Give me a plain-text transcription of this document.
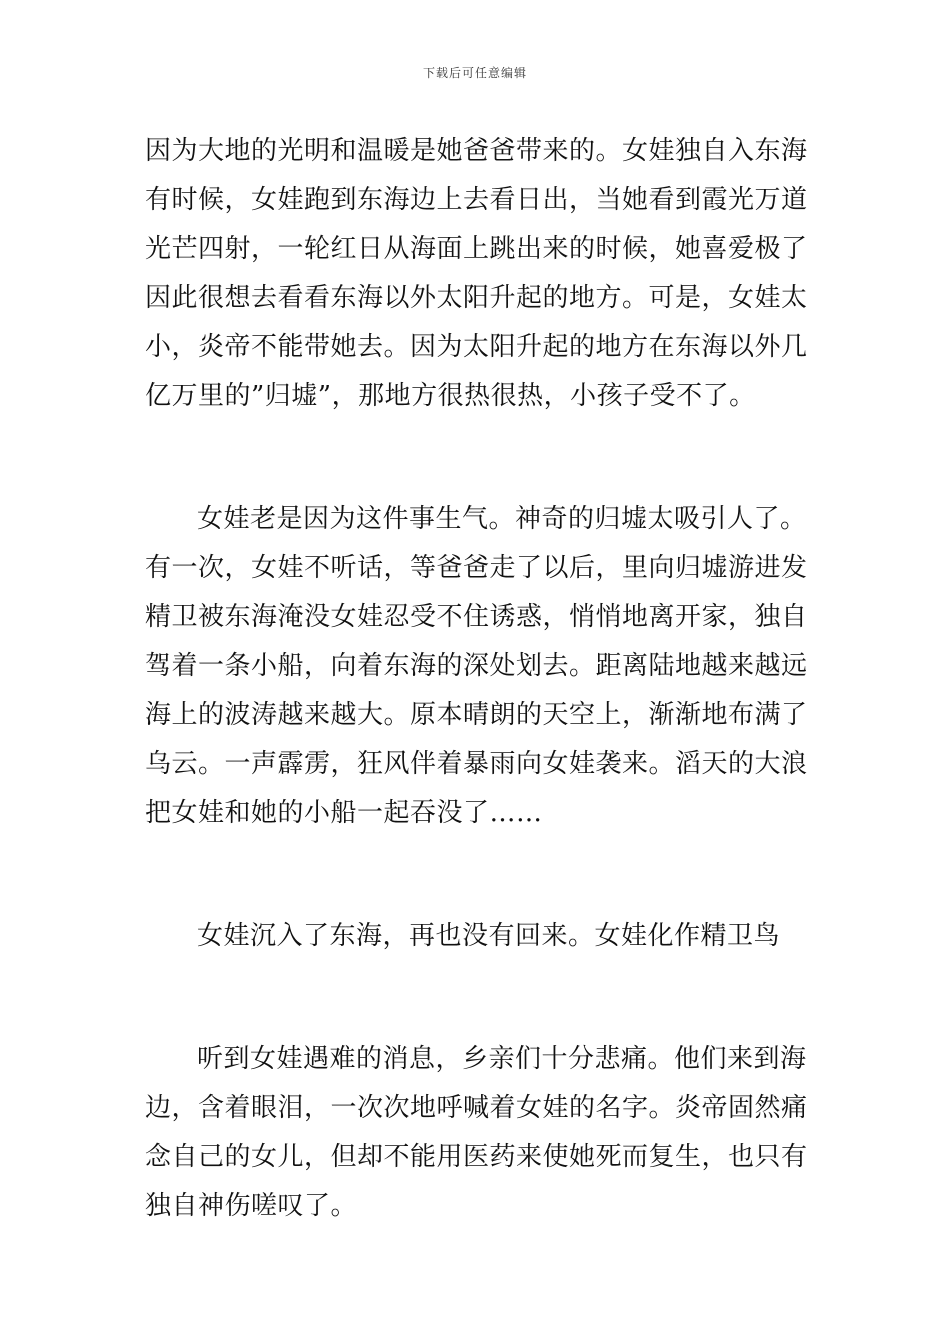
下载后可任意编辑
因为大地的光明和温暖是她爸爸带来的。女娃独自入东海
有时候，女娃跑到东海边上去看日出，当她看到霞光万道
光芒四射，一轮红日从海面上跳出来的时候，她喜爱极了
因此很想去看看东海以外太阳升起的地方。可是，女娃太
小，炎帝不能带她去。因为太阳升起的地方在东海以外几
亿万里的”归墟”，那地方很热很热，小孩子受不了。
女娃老是因为这件事生气。神奇的归墟太吸引人了。
有一次，女娃不听话，等爸爸走了以后，里向归墟游进发
精卫被东海淹没女娃忍受不住诱惑，悄悄地离开家，独自
驾着一条小船，向着东海的深处划去。距离陆地越来越远
海上的波涛越来越大。原本晴朗的天空上，渐渐地布满了
乌云。一声霹雳，狂风伴着暴雨向女娃袭来。滔天的大浪
把女娃和她的小船一起吞没了……
女娃沉入了东海，再也没有回来。女娃化作精卫鸟
听到女娃遇难的消息，乡亲们十分悲痛。他们来到海
边，含着眼泪，一次次地呼喊着女娃的名字。炎帝固然痛
念自己的女儿，但却不能用医药来使她死而复生，也只有
独自神伤嗟叹了。
